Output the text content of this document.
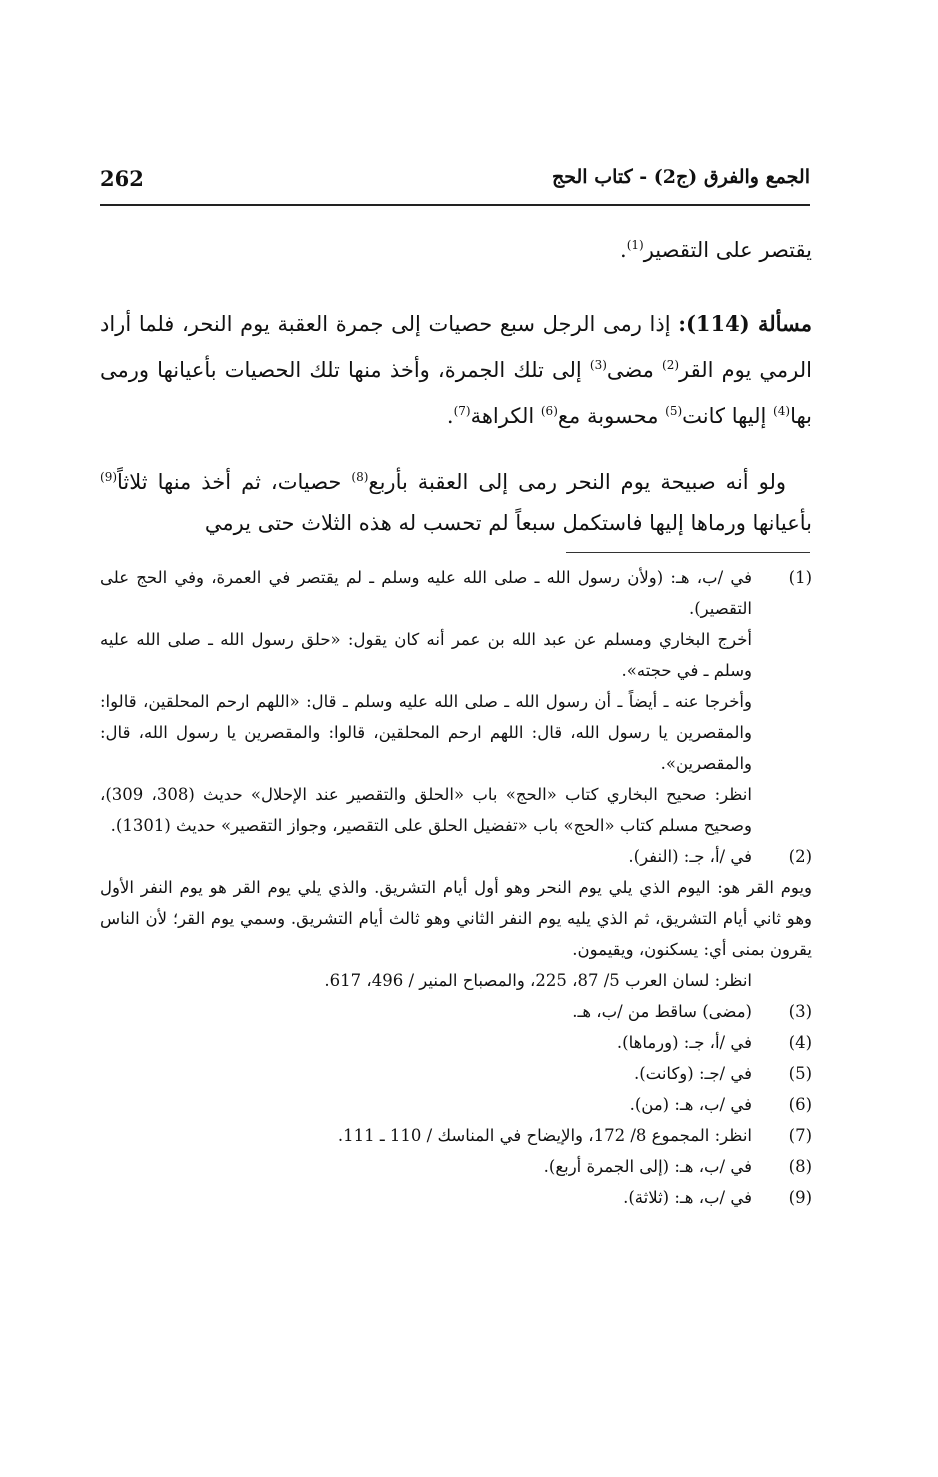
262	الجمع والفرق (ج2) - كتاب الحج

يقتصر على التقصير$^{(1)}$.

مسألة (114): إذا رمى الرجل سبع حصيات إلى جمرة العقبة يوم النحر، فلما أراد الرمي يوم القر$^{(2)}$ مضى$^{(3)}$ إلى تلك الجمرة، وأخذ منها تلك الحصيات بأعيانها ورمى بها$^{(4)}$ إليها كانت$^{(5)}$ محسوبة مع$^{(6)}$ الكراهة$^{(7)}$.

ولو أنه صبيحة يوم النحر رمى إلى العقبة بأربع$^{(8)}$ حصيات، ثم أخذ منها ثلاثاً$^{(9)}$ بأعيانها ورماها إليها فاستكمل سبعاً لم تحسب له هذه الثلاث حتى يرمي

(1)

في /ب، هـ: (ولأن رسول الله ـ صلى الله عليه وسلم ـ لم يقتصر في العمرة، وفي الحج على التقصير).

أخرج البخاري ومسلم عن عبد الله بن عمر أنه كان يقول: «حلق رسول الله ـ صلى الله عليه وسلم ـ في حجته».

وأخرجا عنه ـ أيضاً ـ أن رسول الله ـ صلى الله عليه وسلم ـ قال: «اللهم ارحم المحلقين، قالوا: والمقصرين يا رسول الله، قال: اللهم ارحم المحلقين، قالوا: والمقصرين يا رسول الله، قال: والمقصرين».

انظر: صحيح البخاري كتاب «الحج» باب «الحلق والتقصير عند الإحلال» حديث (308، 309)، وصحيح مسلم كتاب «الحج» باب «تفضيل الحلق على التقصير، وجواز التقصير» حديث (1301).

(2)

في /أ، جـ: (النفر).

ويوم القر هو: اليوم الذي يلي يوم النحر وهو أول أيام التشريق. والذي يلي يوم القر هو يوم النفر الأول وهو ثاني أيام التشريق، ثم الذي يليه يوم النفر الثاني وهو ثالث أيام التشريق. وسمي يوم القر؛ لأن الناس يقرون بمنى أي: يسكنون، ويقيمون.

انظر: لسان العرب 5/ 87، 225، والمصباح المنير / 496، 617.

(3)

(مضى) ساقط من /ب، هـ.

(4)

في /أ، جـ: (ورماها).

(5)

في /جـ: (وكانت).

(6)

في /ب، هـ: (من).

(7)

انظر: المجموع 8/ 172، والإيضاح في المناسك / 110 ـ 111.

(8)

في /ب، هـ: (إلى الجمرة أربع).

(9)

في /ب، هـ: (ثلاثة).
